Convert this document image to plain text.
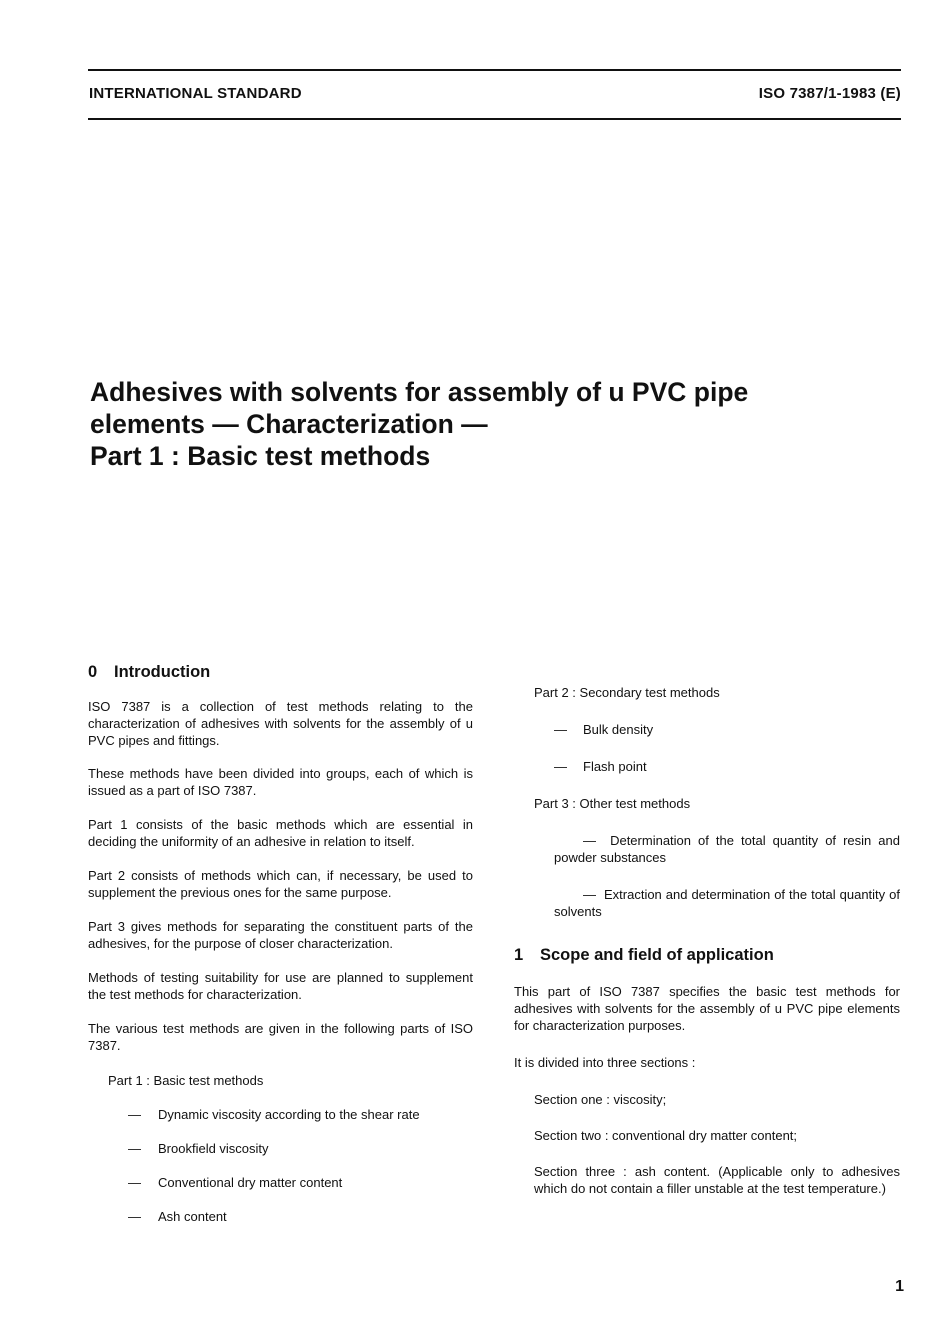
INTERNATIONAL STANDARD	ISO 7387/1-1983 (E)
Adhesives with solvents for assembly of u PVC pipe
elements — Characterization —
Part 1 : Basic test methods
0 Introduction

ISO 7387 is a collection of test methods relating to the characterization of adhesives with solvents for the assembly of u PVC pipes and fittings.

These methods have been divided into groups, each of which is issued as a part of ISO 7387.

Part 1 consists of the basic methods which are essential in deciding the uniformity of an adhesive in relation to itself.

Part 2 consists of methods which can, if necessary, be used to supplement the previous ones for the same purpose.

Part 3 gives methods for separating the constituent parts of the adhesives, for the purpose of closer characterization.

Methods of testing suitability for use are planned to supplement the test methods for characterization.

The various test methods are given in the following parts of ISO 7387.

Part 1 : Basic test methods
— Dynamic viscosity according to the shear rate
— Brookfield viscosity
— Conventional dry matter content
— Ash content
Part 2 : Secondary test methods
— Bulk density
— Flash point
Part 3 : Other test methods

— Determination of the total quantity of resin and powder substances

— Extraction and determination of the total quantity of solvents

1 Scope and field of application

This part of ISO 7387 specifies the basic test methods for adhesives with solvents for the assembly of u PVC pipe elements for characterization purposes.

It is divided into three sections :

Section one : viscosity;

Section two : conventional dry matter content;

Section three : ash content. (Applicable only to adhesives which do not contain a filler unstable at the test temperature.)

1
